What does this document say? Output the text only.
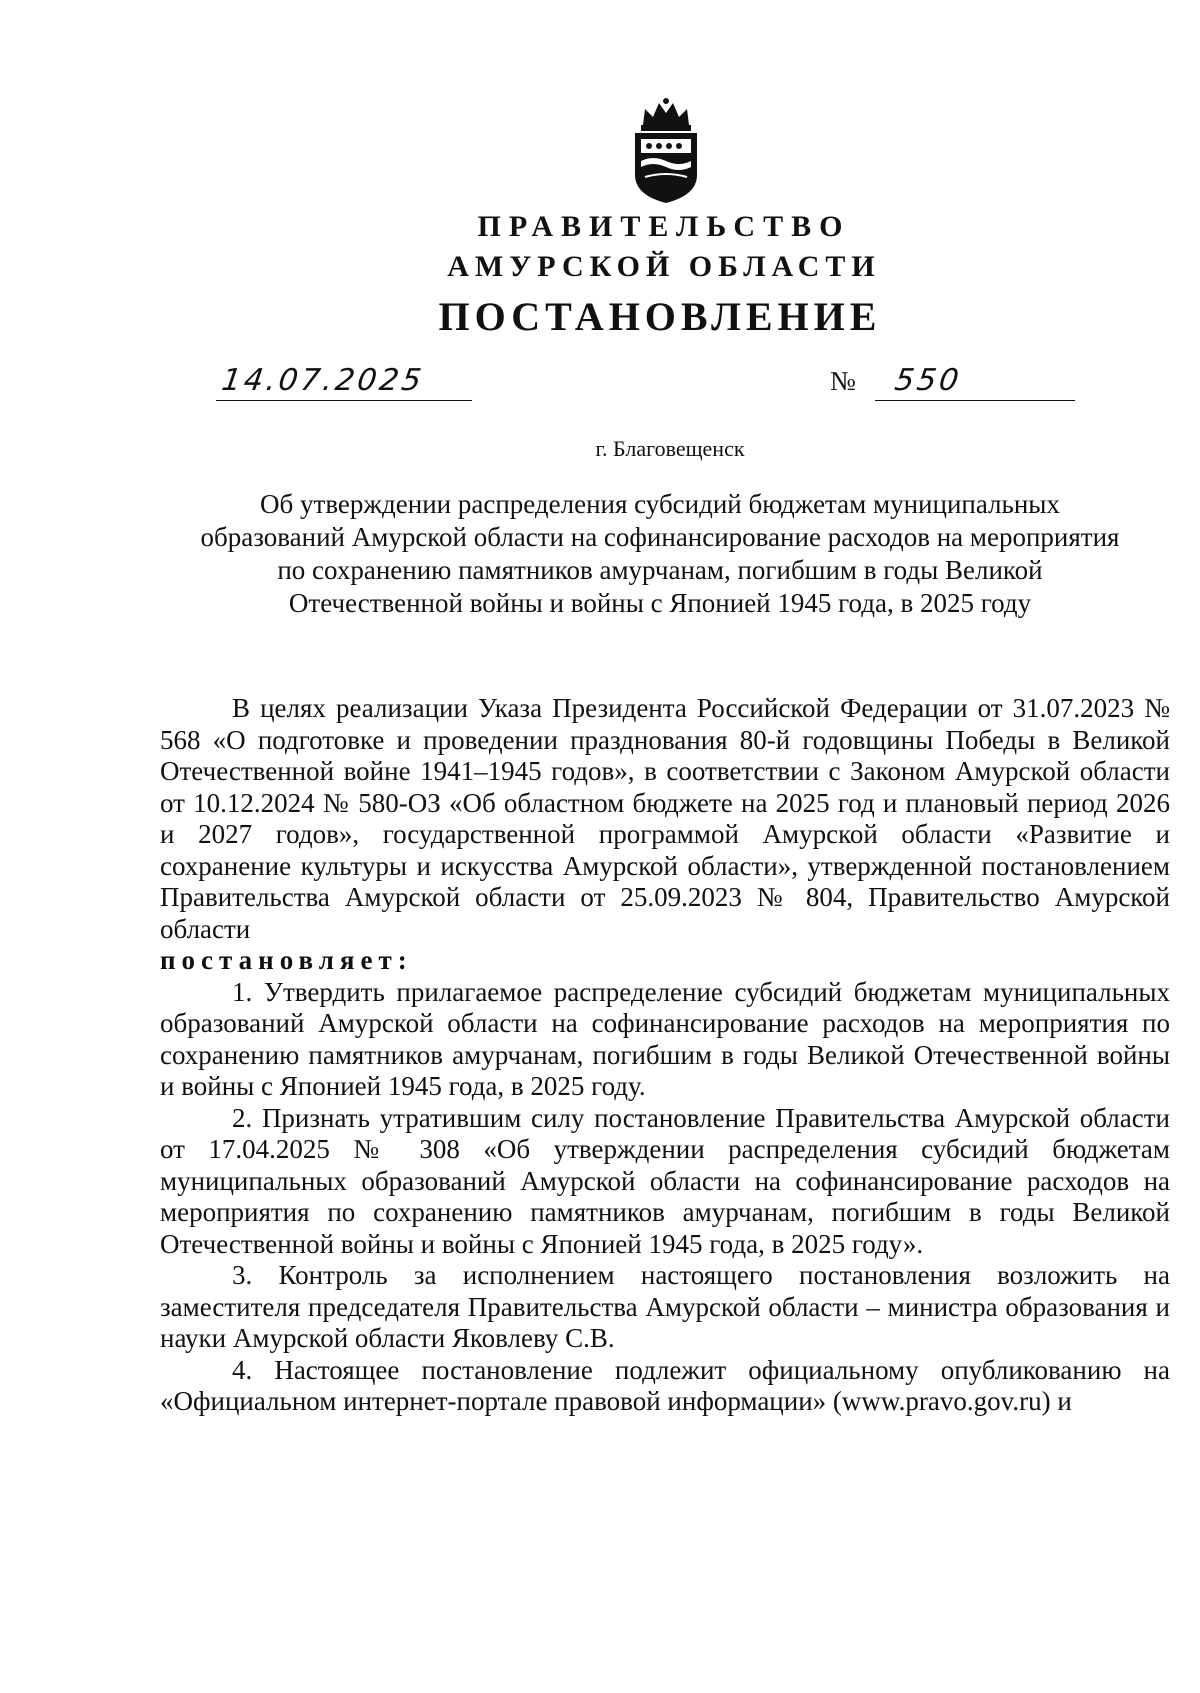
ПРАВИТЕЛЬСТВО
АМУРСКОЙ ОБЛАСТИ
ПОСТАНОВЛЕНИЕ
14.07.2025	№ 550
г. Благовещенск
Об утверждении распределения субсидий бюджетам муниципальных образований Амурской области на софинансирование расходов на мероприятия по сохранению памятников амурчанам, погибшим в годы Великой Отечественной войны и войны с Японией 1945 года, в 2025 году

В целях реализации Указа Президента Российской Федерации от 31.07.2023 № 568 «О подготовке и проведении празднования 80-й годовщины Победы в Великой Отечественной войне 1941–1945 годов», в соответствии с Законом Амурской области от 10.12.2024 № 580-ОЗ «Об областном бюджете на 2025 год и плановый период 2026 и 2027 годов», государственной программой Амурской области «Развитие и сохранение культуры и искусства Амурской области», утвержденной постановлением Правительства Амурской области от 25.09.2023 № 804, Правительство Амурской области

постановляет:

1. Утвердить прилагаемое распределение субсидий бюджетам муниципальных образований Амурской области на софинансирование расходов на мероприятия по сохранению памятников амурчанам, погибшим в годы Великой Отечественной войны и войны с Японией 1945 года, в 2025 году.

2. Признать утратившим силу постановление Правительства Амурской области от 17.04.2025 № 308 «Об утверждении распределения субсидий бюджетам муниципальных образований Амурской области на софинансирование расходов на мероприятия по сохранению памятников амурчанам, погибшим в годы Великой Отечественной войны и войны с Японией 1945 года, в 2025 году».

3. Контроль за исполнением настоящего постановления возложить на заместителя председателя Правительства Амурской области – министра образования и науки Амурской области Яковлеву С.В.

4. Настоящее постановление подлежит официальному опубликованию на «Официальном интернет-портале правовой информации» (www.pravo.gov.ru) и
